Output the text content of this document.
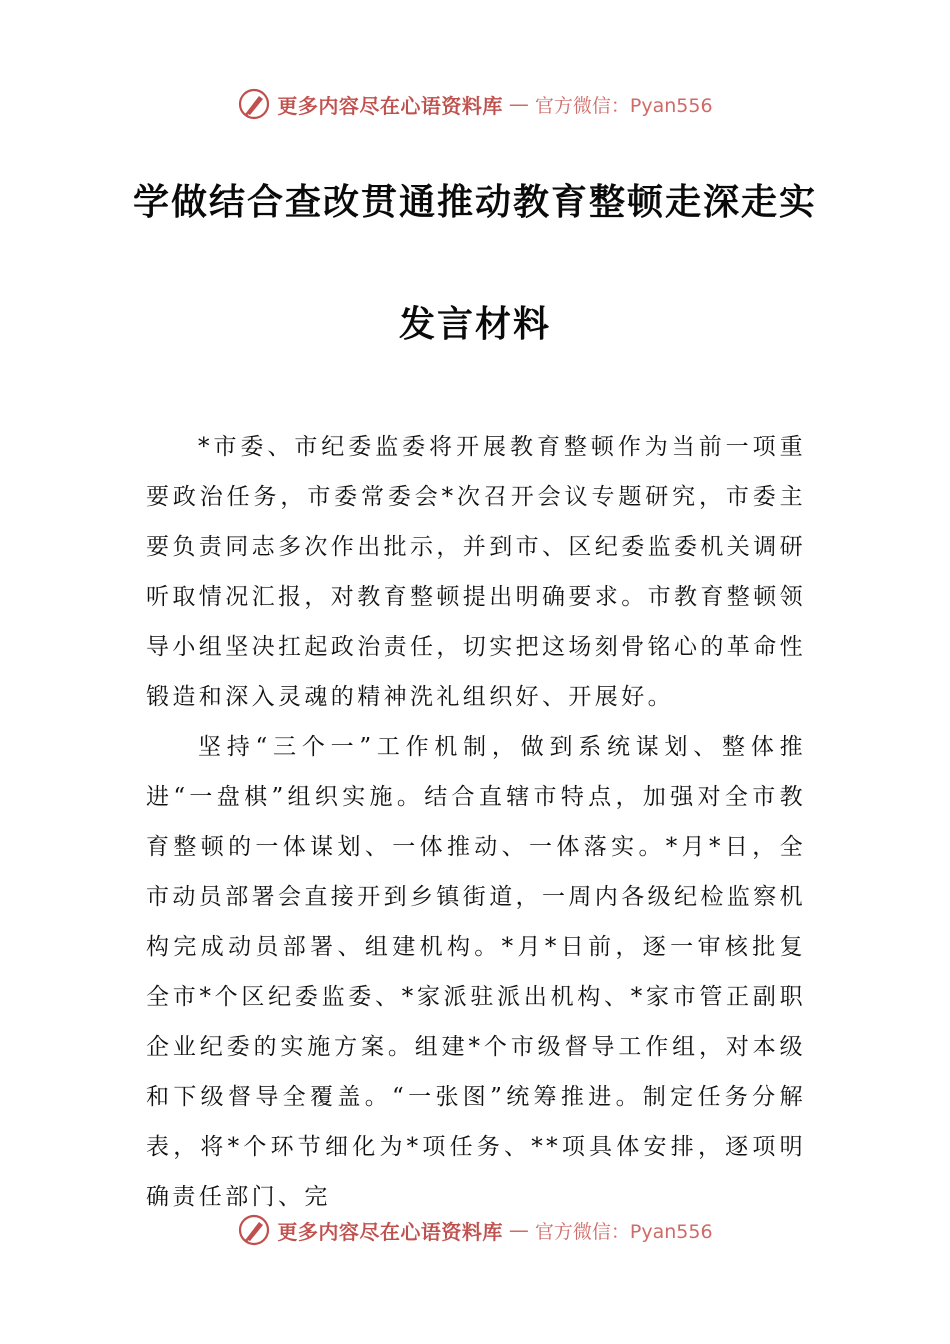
更多内容尽在心语资料库 — 官方微信：Pyan556
学做结合查改贯通推动教育整顿走深走实
发言材料

*市委、市纪委监委将开展教育整顿作为当前一项重要政治任务，市委常委会*次召开会议专题研究，市委主要负责同志多次作出批示，并到市、区纪委监委机关调研听取情况汇报，对教育整顿提出明确要求。市教育整顿领导小组坚决扛起政治责任，切实把这场刻骨铭心的革命性锻造和深入灵魂的精神洗礼组织好、开展好。

坚持“三个一”工作机制，做到系统谋划、整体推进“一盘棋”组织实施。结合直辖市特点，加强对全市教育整顿的一体谋划、一体推动、一体落实。*月*日，全市动员部署会直接开到乡镇街道，一周内各级纪检监察机构完成动员部署、组建机构。*月*日前，逐一审核批复全市*个区纪委监委、*家派驻派出机构、*家市管正副职企业纪委的实施方案。组建*个市级督导工作组，对本级和下级督导全覆盖。“一张图”统筹推进。制定任务分解表，将*个环节细化为*项任务、**项具体安排，逐项明确责任部门、完

更多内容尽在心语资料库 — 官方微信：Pyan556
